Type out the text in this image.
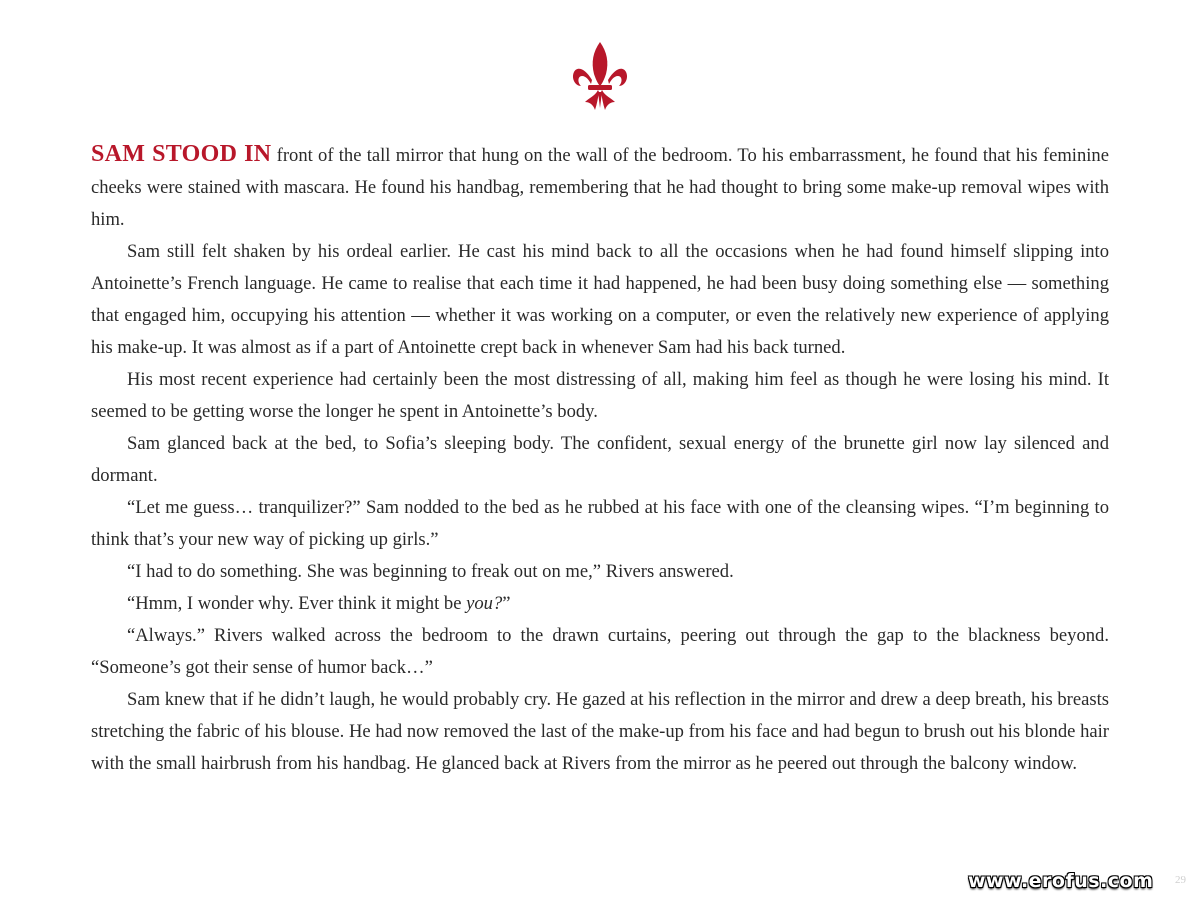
SAM STOOD IN front of the tall mirror that hung on the wall of the bedroom. To his embarrassment, he found that his feminine cheeks were stained with mascara. He found his handbag, remembering that he had thought to bring some make-up removal wipes with him.

Sam still felt shaken by his ordeal earlier. He cast his mind back to all the occasions when he had found himself slipping into Antoinette’s French language. He came to realise that each time it had happened, he had been busy doing something else — something that engaged him, occupying his attention — whether it was working on a computer, or even the relatively new experience of applying his make-up. It was almost as if a part of Antoinette crept back in whenever Sam had his back turned.

His most recent experience had certainly been the most distressing of all, making him feel as though he were losing his mind. It seemed to be getting worse the longer he spent in Antoinette’s body.

Sam glanced back at the bed, to Sofia’s sleeping body. The confident, sexual energy of the brunette girl now lay silenced and dormant.

“Let me guess… tranquilizer?” Sam nodded to the bed as he rubbed at his face with one of the cleansing wipes. “I’m beginning to think that’s your new way of picking up girls.”

“I had to do something. She was beginning to freak out on me,” Rivers answered.

“Hmm, I wonder why. Ever think it might be you?”

“Always.” Rivers walked across the bedroom to the drawn curtains, peering out through the gap to the blackness beyond. “Someone’s got their sense of humor back…”

Sam knew that if he didn’t laugh, he would probably cry. He gazed at his reflection in the mirror and drew a deep breath, his breasts stretching the fabric of his blouse. He had now removed the last of the make-up from his face and had begun to brush out his blonde hair with the small hairbrush from his handbag. He glanced back at Rivers from the mirror as he peered out through the balcony window.

29
www.erofus.com
